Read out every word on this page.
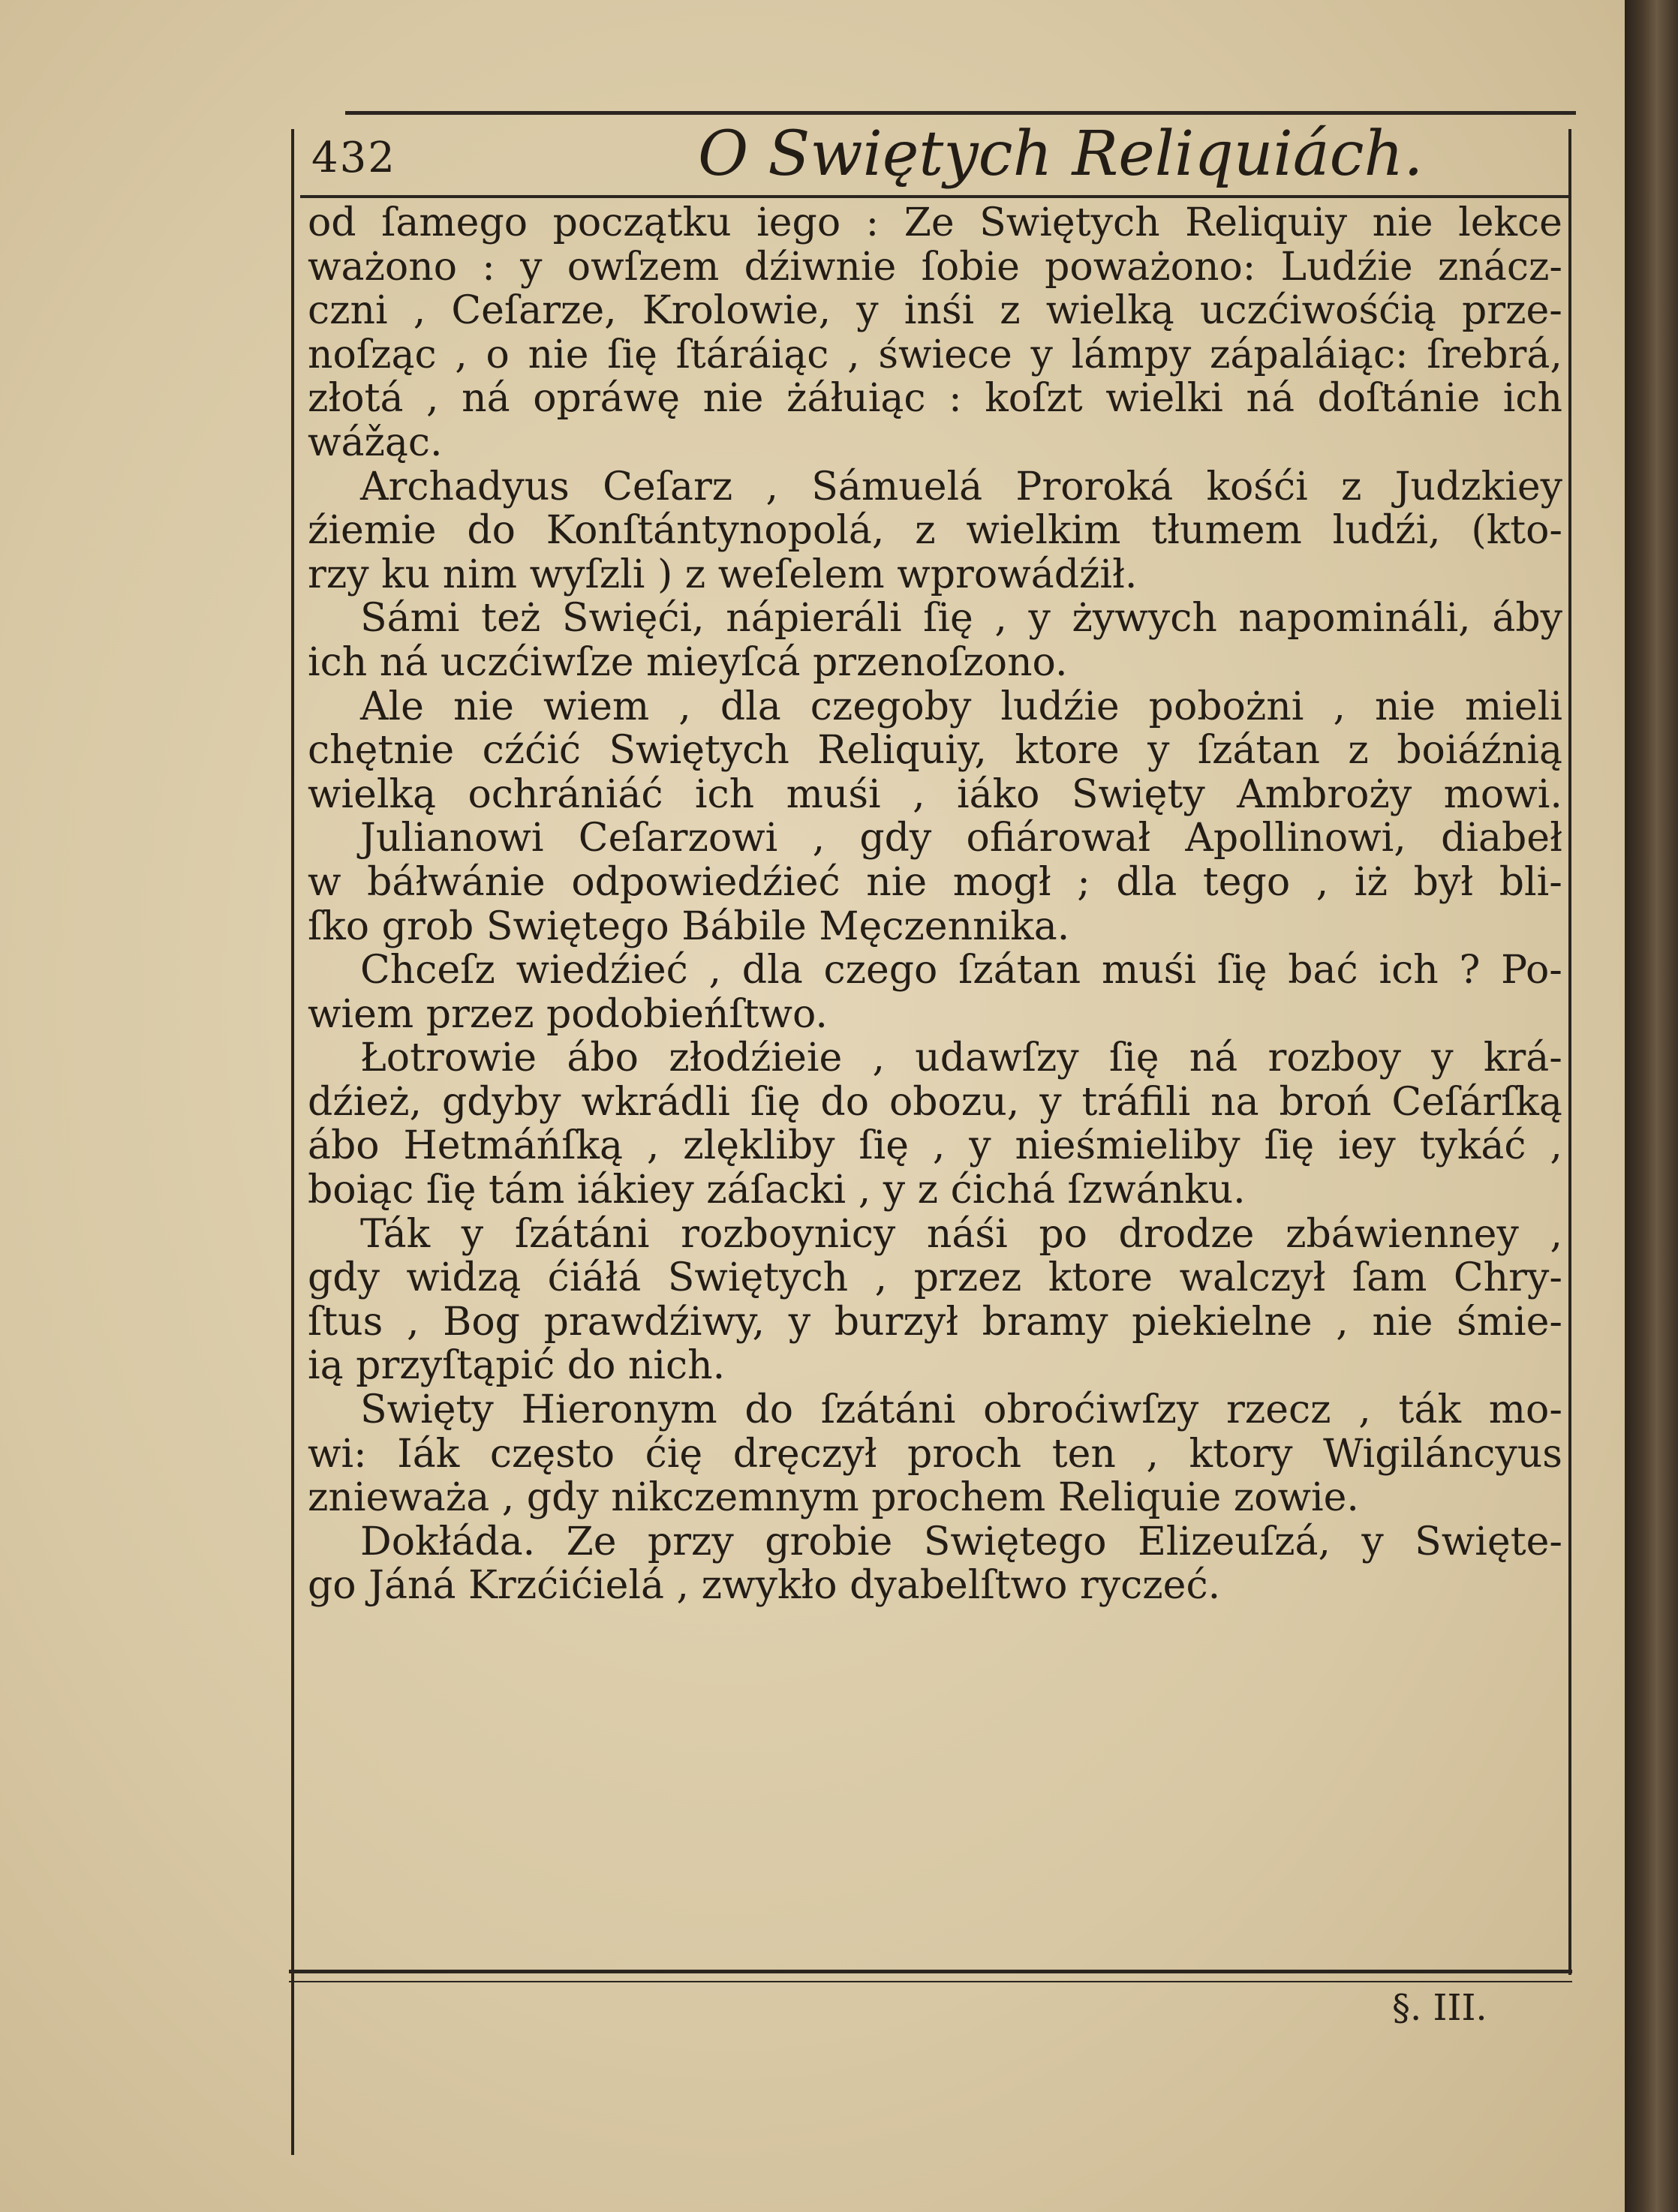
432	O Swiętych Reliquiách.
od ſamego początku iego : Ze Swiętych Reliquiy nie lekce
ważono : y owſzem dźiwnie ſobie poważono: Ludźie znácz-
czni , Ceſarze, Krolowie, y inśi z wielką uczćiwośćią prze-
noſząc , o nie ſię ſtáráiąc , świece y lámpy zápaláiąc: ſrebrá,
złotá , ná opráwę nie żáłuiąc : koſzt wielki ná doſtánie ich
wážąc.
Archadyus Ceſarz , Sámuelá Proroká kośći z Judzkiey
źiemie do Konſtántynopolá, z wielkim tłumem ludźi, (kto-
rzy ku nim wyſzli ) z weſelem wprowádźił.
Sámi też Swięći, nápieráli ſię , y żywych napomináli, áby
ich ná uczćiwſze mieyſcá przenoſzono.
Ale nie wiem , dla czegoby ludźie pobożni , nie mieli
chętnie cźćić Swiętych Reliquiy, ktore y ſzátan z boiáźnią
wielką ochrániáć ich muśi , iáko Swięty Ambroży mowi.
Julianowi Ceſarzowi , gdy ofiárował Apollinowi, diabeł
w báłwánie odpowiedźieć nie mogł ; dla tego , iż był bli-
ſko grob Swiętego Bábile Męczennika.
Chceſz wiedźieć , dla czego ſzátan muśi ſię bać ich ? Po-
wiem przez podobieńſtwo.
Łotrowie ábo złodźieie , udawſzy ſię ná rozboy y krá-
dźież, gdyby wkrádli ſię do obozu, y tráfili na broń Ceſárſką
ábo Hetmáńſką , zlękliby ſię , y nieśmieliby ſię iey tykáć ,
boiąc ſię tám iákiey záſacki , y z ćichá ſzwánku.
Ták y ſzátáni rozboynicy náśi po drodze zbáwienney ,
gdy widzą ćiáłá Swiętych , przez ktore walczył ſam Chry-
ſtus , Bog prawdźiwy, y burzył bramy piekielne , nie śmie-
ią przyſtąpić do nich.
Swięty Hieronym do ſzátáni obroćiwſzy rzecz , ták mo-
wi: Iák często ćię dręczył proch ten , ktory Wigiláncyus
znieważa , gdy nikczemnym prochem Reliquie zowie.
Dokłáda. Ze przy grobie Swiętego Elizeuſzá, y Swięte-
go Jáná Krzćićielá , zwykło dyabelſtwo ryczeć.
§. III.
